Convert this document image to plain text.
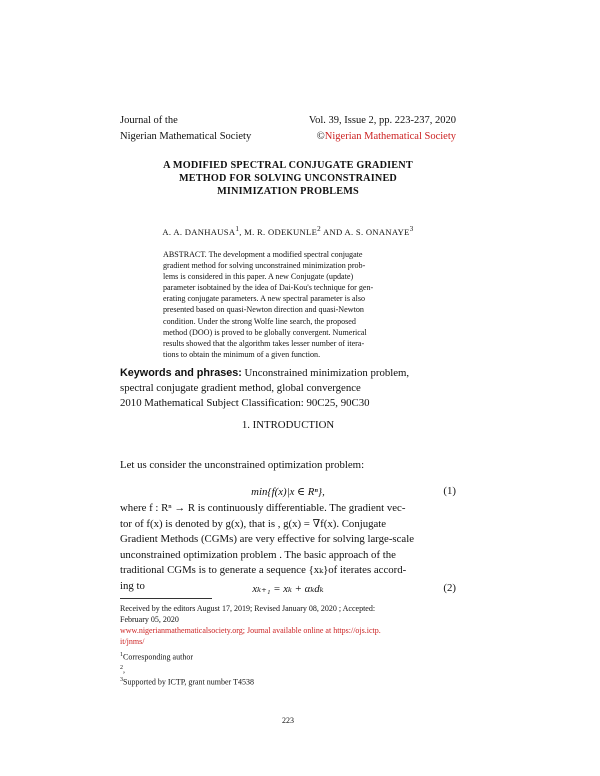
Journal of the
Nigerian Mathematical Society
Vol. 39, Issue 2, pp. 223-237, 2020
©Nigerian Mathematical Society
A MODIFIED SPECTRAL CONJUGATE GRADIENT
METHOD FOR SOLVING UNCONSTRAINED
MINIMIZATION PROBLEMS
A. A. DANHAUSA$^1$, M. R. ODEKUNLE$^2$ AND A. S. ONANAYE$^3$
ABSTRACT. The development a modified spectral conjugate
gradient method for solving unconstrained minimization prob-
lems is considered in this paper. A new Conjugate (update)
parameter isobtained by the idea of Dai-Kou's technique for gen-
erating conjugate parameters. A new spectral parameter is also
presented based on quasi-Newton direction and quasi-Newton
condition. Under the strong Wolfe line search, the proposed
method (DOO) is proved to be globally convergent. Numerical
results showed that the algorithm takes lesser number of itera-
tions to obtain the minimum of a given function.
Keywords and phrases: Unconstrained minimization problem,
spectral conjugate gradient method, global convergence
2010 Mathematical Subject Classification: 90C25, 90C30
1. INTRODUCTION
Let us consider the unconstrained optimization problem:
min{f(x)|x ∈ Rⁿ},	(1)
where f : Rⁿ → R is continuously differentiable. The gradient vec-
tor of f(x) is denoted by g(x), that is , g(x) = ∇f(x). Conjugate
Gradient Methods (CGMs) are very effective for solving large-scale
unconstrained optimization problem . The basic approach of the
traditional CGMs is to generate a sequence {xₖ}of iterates accord-
ing to	xₖ₊₁ = xₖ + αₖdₖ	(2)
Received by the editors August 17, 2019; Revised January 08, 2020 ; Accepted:
February 05, 2020
www.nigerianmathematicalsociety.org; Journal available online at https://ojs.ictp.
it/jnms/
$^1$Corresponding author
$^2$,
$^3$Supported by ICTP, grant number T4538
223
